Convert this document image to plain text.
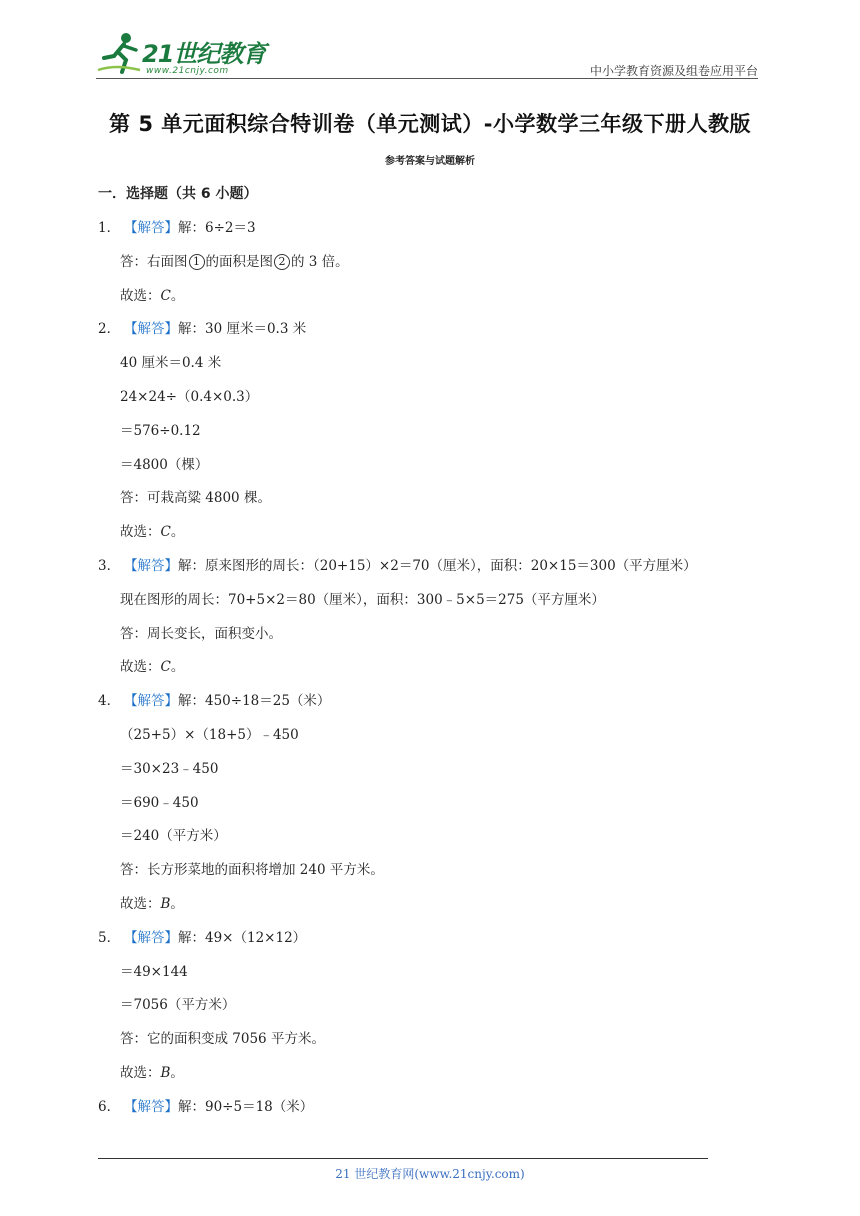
21世纪教育
www.21cnjy.com	中小学教育资源及组卷应用平台
第 5 单元面积综合特训卷（单元测试）-小学数学三年级下册人教版
参考答案与试题解析
一．选择题（共 6 小题）
1． 【解答】解：6÷2＝3
答：右面图 1 的面积是图 2 的 3 倍。
故选：C。
2． 【解答】解：30 厘米＝0.3 米
40 厘米＝0.4 米
24×24÷（0.4×0.3）
＝576÷0.12
＝4800（棵）
答：可栽高粱 4800 棵。
故选：C。
3． 【解答】解：原来图形的周长：（20+15）×2＝70（厘米），面积：20×15＝300（平方厘米）
现在图形的周长：70+5×2＝80（厘米），面积：300﹣5×5＝275（平方厘米）
答：周长变长，面积变小。
故选：C。
4． 【解答】解：450÷18＝25（米）
（25+5）×（18+5）﹣450
＝30×23﹣450
＝690﹣450
＝240（平方米）
答：长方形菜地的面积将增加 240 平方米。
故选：B。
5． 【解答】解：49×（12×12）
＝49×144
＝7056（平方米）
答：它的面积变成 7056 平方米。
故选：B。
6． 【解答】解：90÷5＝18（米）
21 世纪教育网(www.21cnjy.com)
